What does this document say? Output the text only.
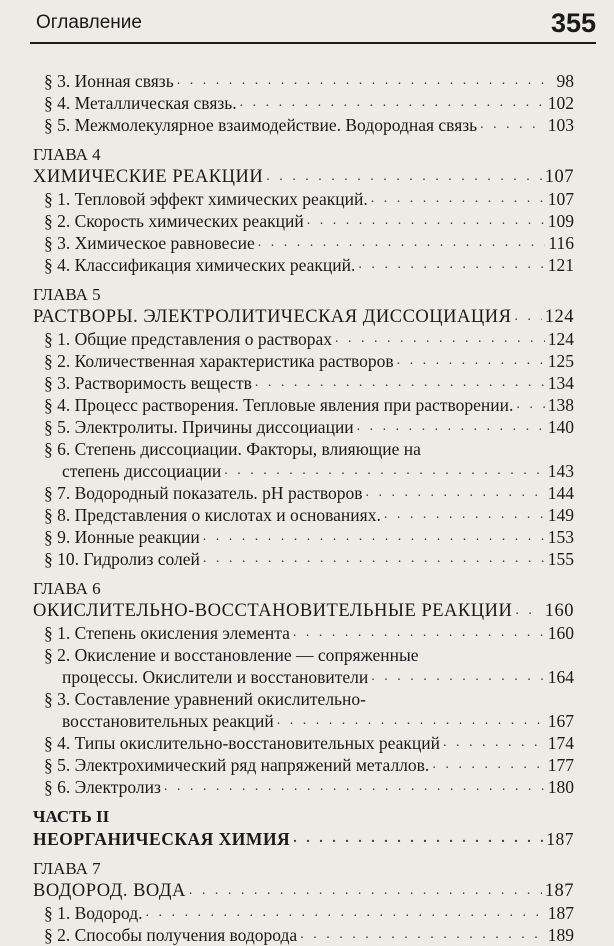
Оглавление	355
§ 3. Ионная связь . . .	98
§ 4. Металлическая связь. . . .	102
§ 5. Межмолекулярное взаимодействие. Водородная связь . . .	103
ГЛАВА 4
ХИМИЧЕСКИЕ РЕАКЦИИ . . .	107
§ 1. Тепловой эффект химических реакций. . . .	107
§ 2. Скорость химических реакций . . .	109
§ 3. Химическое равновесие . . .	116
§ 4. Классификация химических реакций. . . .	121
ГЛАВА 5
РАСТВОРЫ. ЭЛЕКТРОЛИТИЧЕСКАЯ ДИССОЦИАЦИЯ . . . 124
§ 1. Общие представления о растворах . . .	124
§ 2. Количественная характеристика растворов . . .	125
§ 3. Растворимость веществ . . .	134
§ 4. Процесс растворения. Тепловые явления при растворении. . . . 138
§ 5. Электролиты. Причины диссоциации . . .	140
§ 6. Степень диссоциации. Факторы, влияющие на
степень диссоциации . . .	143
§ 7. Водородный показатель. рН растворов . . .	144
§ 8. Представления о кислотах и основаниях. . . .	149
§ 9. Ионные реакции . . .	153
§ 10. Гидролиз солей . . .	155
ГЛАВА 6
ОКИСЛИТЕЛЬНО-ВОССТАНОВИТЕЛЬНЫЕ РЕАКЦИИ . . . 160
§ 1. Степень окисления элемента . . .	160
§ 2. Окисление и восстановление — сопряженные
процессы. Окислители и восстановители . . .	164
§ 3. Составление уравнений окислительно-
восстановительных реакций . . .	167
§ 4. Типы окислительно-восстановительных реакций . . .	174
§ 5. Электрохимический ряд напряжений металлов. . . .	177
§ 6. Электролиз . . .	180
ЧАСТЬ II
НЕОРГАНИЧЕСКАЯ ХИМИЯ . . .	187
ГЛАВА 7
ВОДОРОД. ВОДА . . .	187
§ 1. Водород. . . .	187
§ 2. Способы получения водорода . . .	189
